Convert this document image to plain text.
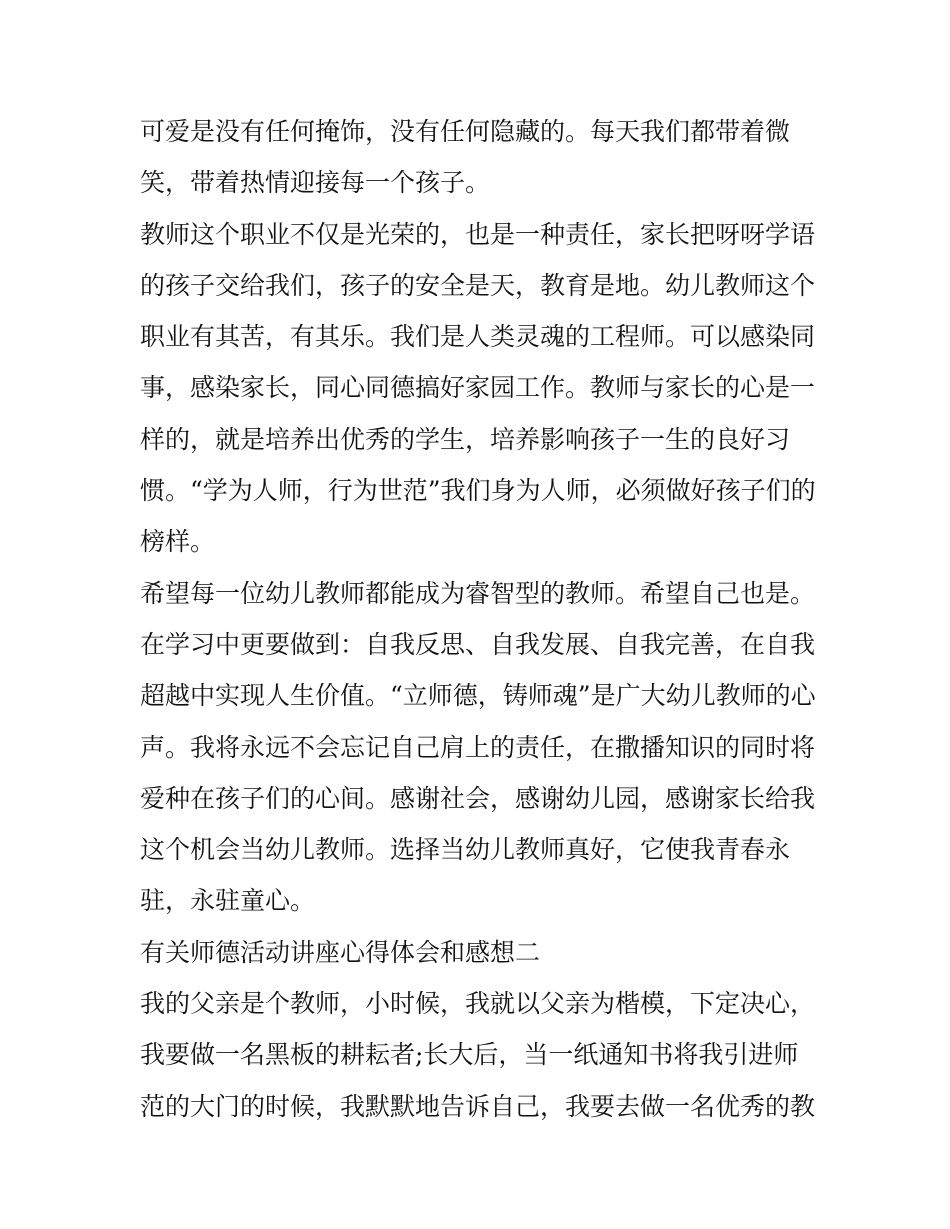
可爱是没有任何掩饰，没有任何隐藏的。每天我们都带着微
笑，带着热情迎接每一个孩子。
教师这个职业不仅是光荣的，也是一种责任，家长把呀呀学语
的孩子交给我们，孩子的安全是天，教育是地。幼儿教师这个
职业有其苦，有其乐。我们是人类灵魂的工程师。可以感染同
事，感染家长，同心同德搞好家园工作。教师与家长的心是一
样的，就是培养出优秀的学生，培养影响孩子一生的良好习
惯。“学为人师，行为世范”我们身为人师，必须做好孩子们的
榜样。
希望每一位幼儿教师都能成为睿智型的教师。希望自己也是。
在学习中更要做到：自我反思、自我发展、自我完善，在自我
超越中实现人生价值。“立师德，铸师魂”是广大幼儿教师的心
声。我将永远不会忘记自己肩上的责任，在撒播知识的同时将
爱种在孩子们的心间。感谢社会，感谢幼儿园，感谢家长给我
这个机会当幼儿教师。选择当幼儿教师真好，它使我青春永
驻，永驻童心。
有关师德活动讲座心得体会和感想二
我的父亲是个教师，小时候，我就以父亲为楷模，下定决心，
我要做一名黑板的耕耘者;长大后，当一纸通知书将我引进师
范的大门的时候，我默默地告诉自己，我要去做一名优秀的教
